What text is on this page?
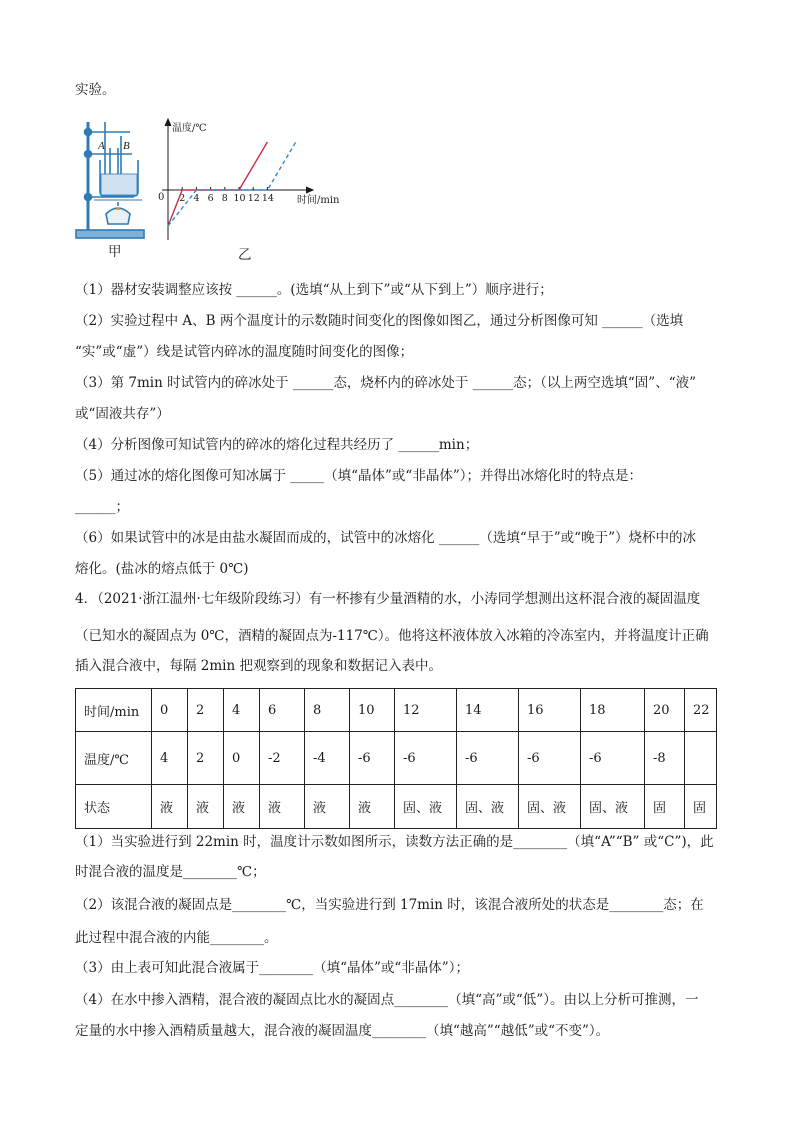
实验。
A B
甲	乙
温度/℃
时间/min
0 2 4 6 8 10 12 14
（1）器材安装调整应该按 ______。(选填“从上到下”或“从下到上”）顺序进行；
（2）实验过程中 A、B 两个温度计的示数随时间变化的图像如图乙，通过分析图像可知 ______（选填
“实”或“虚”）线是试管内碎冰的温度随时间变化的图像；
（3）第 7min 时试管内的碎冰处于 ______态，烧杯内的碎冰处于 ______态；（以上两空选填“固”、“液”
或“固液共存”）
（4）分析图像可知试管内的碎冰的熔化过程共经历了 ______min；
（5）通过冰的熔化图像可知冰属于 _____（填“晶体”或“非晶体”）；并得出冰熔化时的特点是：
______；
（6）如果试管中的冰是由盐水凝固而成的，试管中的冰熔化 ______（选填“早于”或“晚于”）烧杯中的冰
熔化。(盐冰的熔点低于 0℃)
4．（2021·浙江温州·七年级阶段练习）有一杯掺有少量酒精的水，小涛同学想测出这杯混合液的凝固温度
（已知水的凝固点为 0℃，酒精的凝固点为-117℃）。他将这杯液体放入冰箱的冷冻室内，并将温度计正确
插入混合液中，每隔 2min 把观察到的现象和数据记入表中。
时间/min	0	2	4	6	8	10	12	14	16	18	20	22
温度/℃	4	2	0	-2	-4	-6	-6	-6	-6	-6	-8	
状态	液	液	液	液	液	液	固、液	固、液	固、液	固、液	固	固
（1）当实验进行到 22min 时，温度计示数如图所示，读数方法正确的是________（填“A”“B” 或“C”)，此
时混合液的温度是________℃；
（2）该混合液的凝固点是________℃，当实验进行到 17min 时，该混合液所处的状态是________态；在
此过程中混合液的内能________。
（3）由上表可知此混合液属于________（填“晶体”或“非晶体”）；
（4）在水中掺入酒精，混合液的凝固点比水的凝固点________（填“高”或“低”）。由以上分析可推测，一
定量的水中掺入酒精质量越大，混合液的凝固温度________（填“越高”“越低”或“不变”）。
